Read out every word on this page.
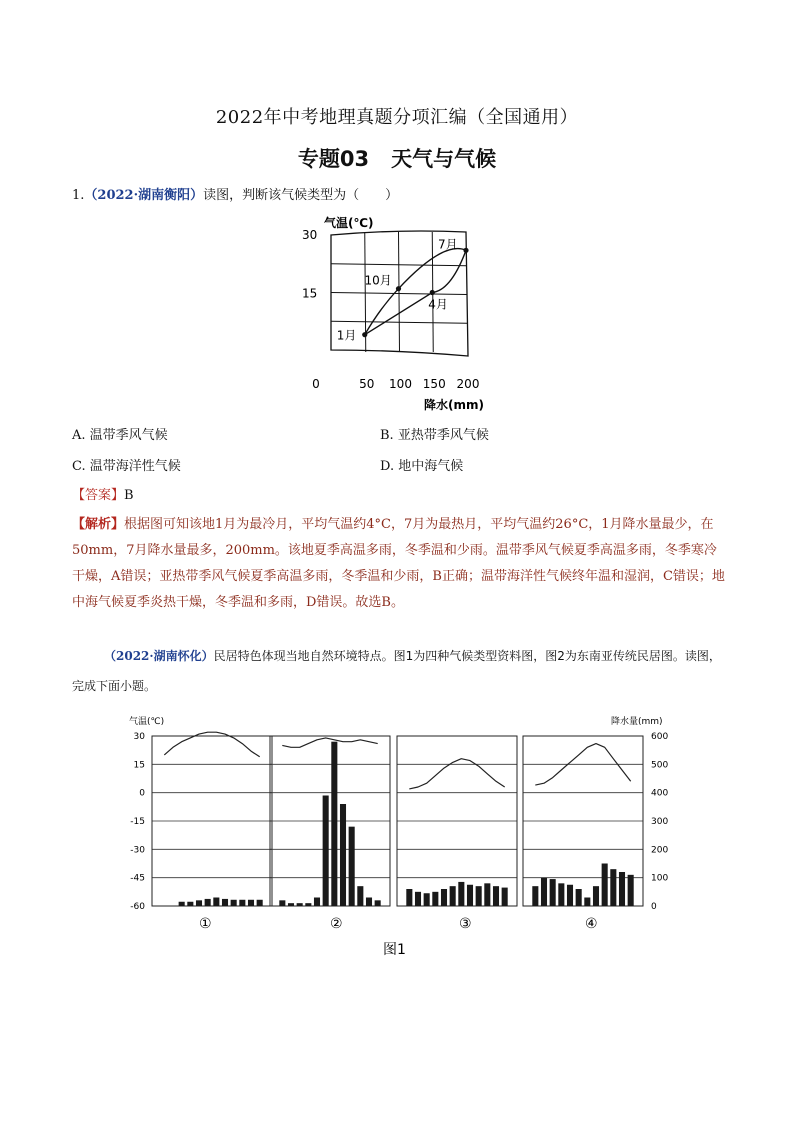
2022年中考地理真题分项汇编（全国通用）
专题03 天气与气候
1.（2022·湖南衡阳）读图，判断该气候类型为（　　）
气温(℃)
降水(mm)
30
15
0	50 100 150 200
1月
4月
7月
10月
A. 温带季风气候	B. 亚热带季风气候
C. 温带海洋性气候	D. 地中海气候
【答案】B
【解析】根据图可知该地1月为最冷月，平均气温约4°C，7月为最热月，平均气温约26°C，1月降水量最少，在50mm，7月降水量最多，200mm。该地夏季高温多雨，冬季温和少雨。温带季风气候夏季高温多雨，冬季寒冷干燥，A错误；亚热带季风气候夏季高温多雨，冬季温和少雨，B正确；温带海洋性气候终年温和湿润，C错误；地中海气候夏季炎热干燥，冬季温和多雨，D错误。故选B。
（2022·湖南怀化）民居特色体现当地自然环境特点。图1为四种气候类型资料图，图2为东南亚传统民居图。读图，完成下面小题。
气温(℃)	降水量(mm)
30
15
0
-15
-30
-45
-60
600
500
400
300
200
100
0
①	②	③	④
图1
